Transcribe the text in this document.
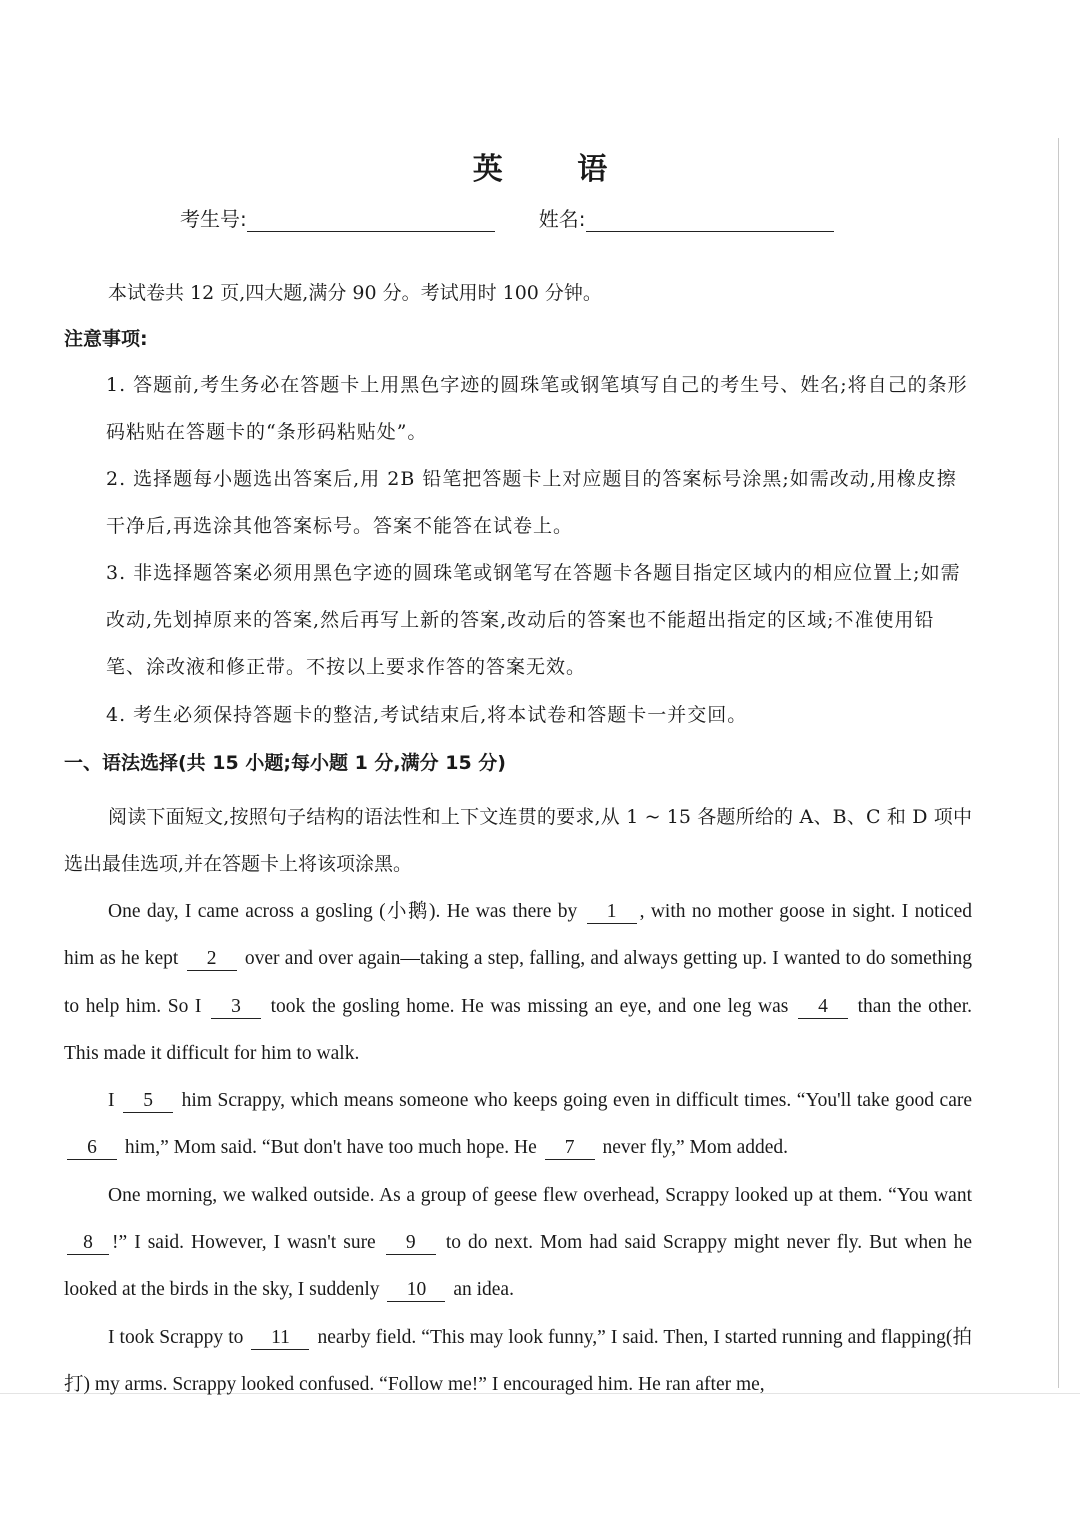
英 语
考生号:	姓名:
本试卷共 12 页,四大题,满分 90 分。考试用时 100 分钟。
注意事项:
1. 答题前,考生务必在答题卡上用黑色字迹的圆珠笔或钢笔填写自己的考生号、姓名;将自己的条形码粘贴在答题卡的“条形码粘贴处”。
2. 选择题每小题选出答案后,用 2B 铅笔把答题卡上对应题目的答案标号涂黑;如需改动,用橡皮擦干净后,再选涂其他答案标号。答案不能答在试卷上。
3. 非选择题答案必须用黑色字迹的圆珠笔或钢笔写在答题卡各题目指定区域内的相应位置上;如需改动,先划掉原来的答案,然后再写上新的答案,改动后的答案也不能超出指定的区域;不准使用铅笔、涂改液和修正带。不按以上要求作答的答案无效。
4. 考生必须保持答题卡的整洁,考试结束后,将本试卷和答题卡一并交回。
一、语法选择(共 15 小题;每小题 1 分,满分 15 分)
阅读下面短文,按照句子结构的语法性和上下文连贯的要求,从 1 ~ 15 各题所给的 A、B、C 和 D 项中选出最佳选项,并在答题卡上将该项涂黑。

One day, I came across a gosling (小鹅). He was there by 1 , with no mother goose in sight. I noticed him as he kept 2 over and over again—taking a step, falling, and always getting up. I wanted to do something to help him. So I 3 took the gosling home. He was missing an eye, and one leg was 4 than the other. This made it difficult for him to walk.

I 5 him Scrappy, which means someone who keeps going even in difficult times. “You'll take good care 6 him,” Mom said. “But don't have too much hope. He 7 never fly,” Mom added.

One morning, we walked outside. As a group of geese flew overhead, Scrappy looked up at them. “You want 8 !” I said. However, I wasn't sure 9 to do next. Mom had said Scrappy might never fly. But when he looked at the birds in the sky, I suddenly 10 an idea.

I took Scrappy to 11 nearby field. “This may look funny,” I said. Then, I started running and flapping(拍打) my arms. Scrappy looked confused. “Follow me!” I encouraged him. He ran after me,
